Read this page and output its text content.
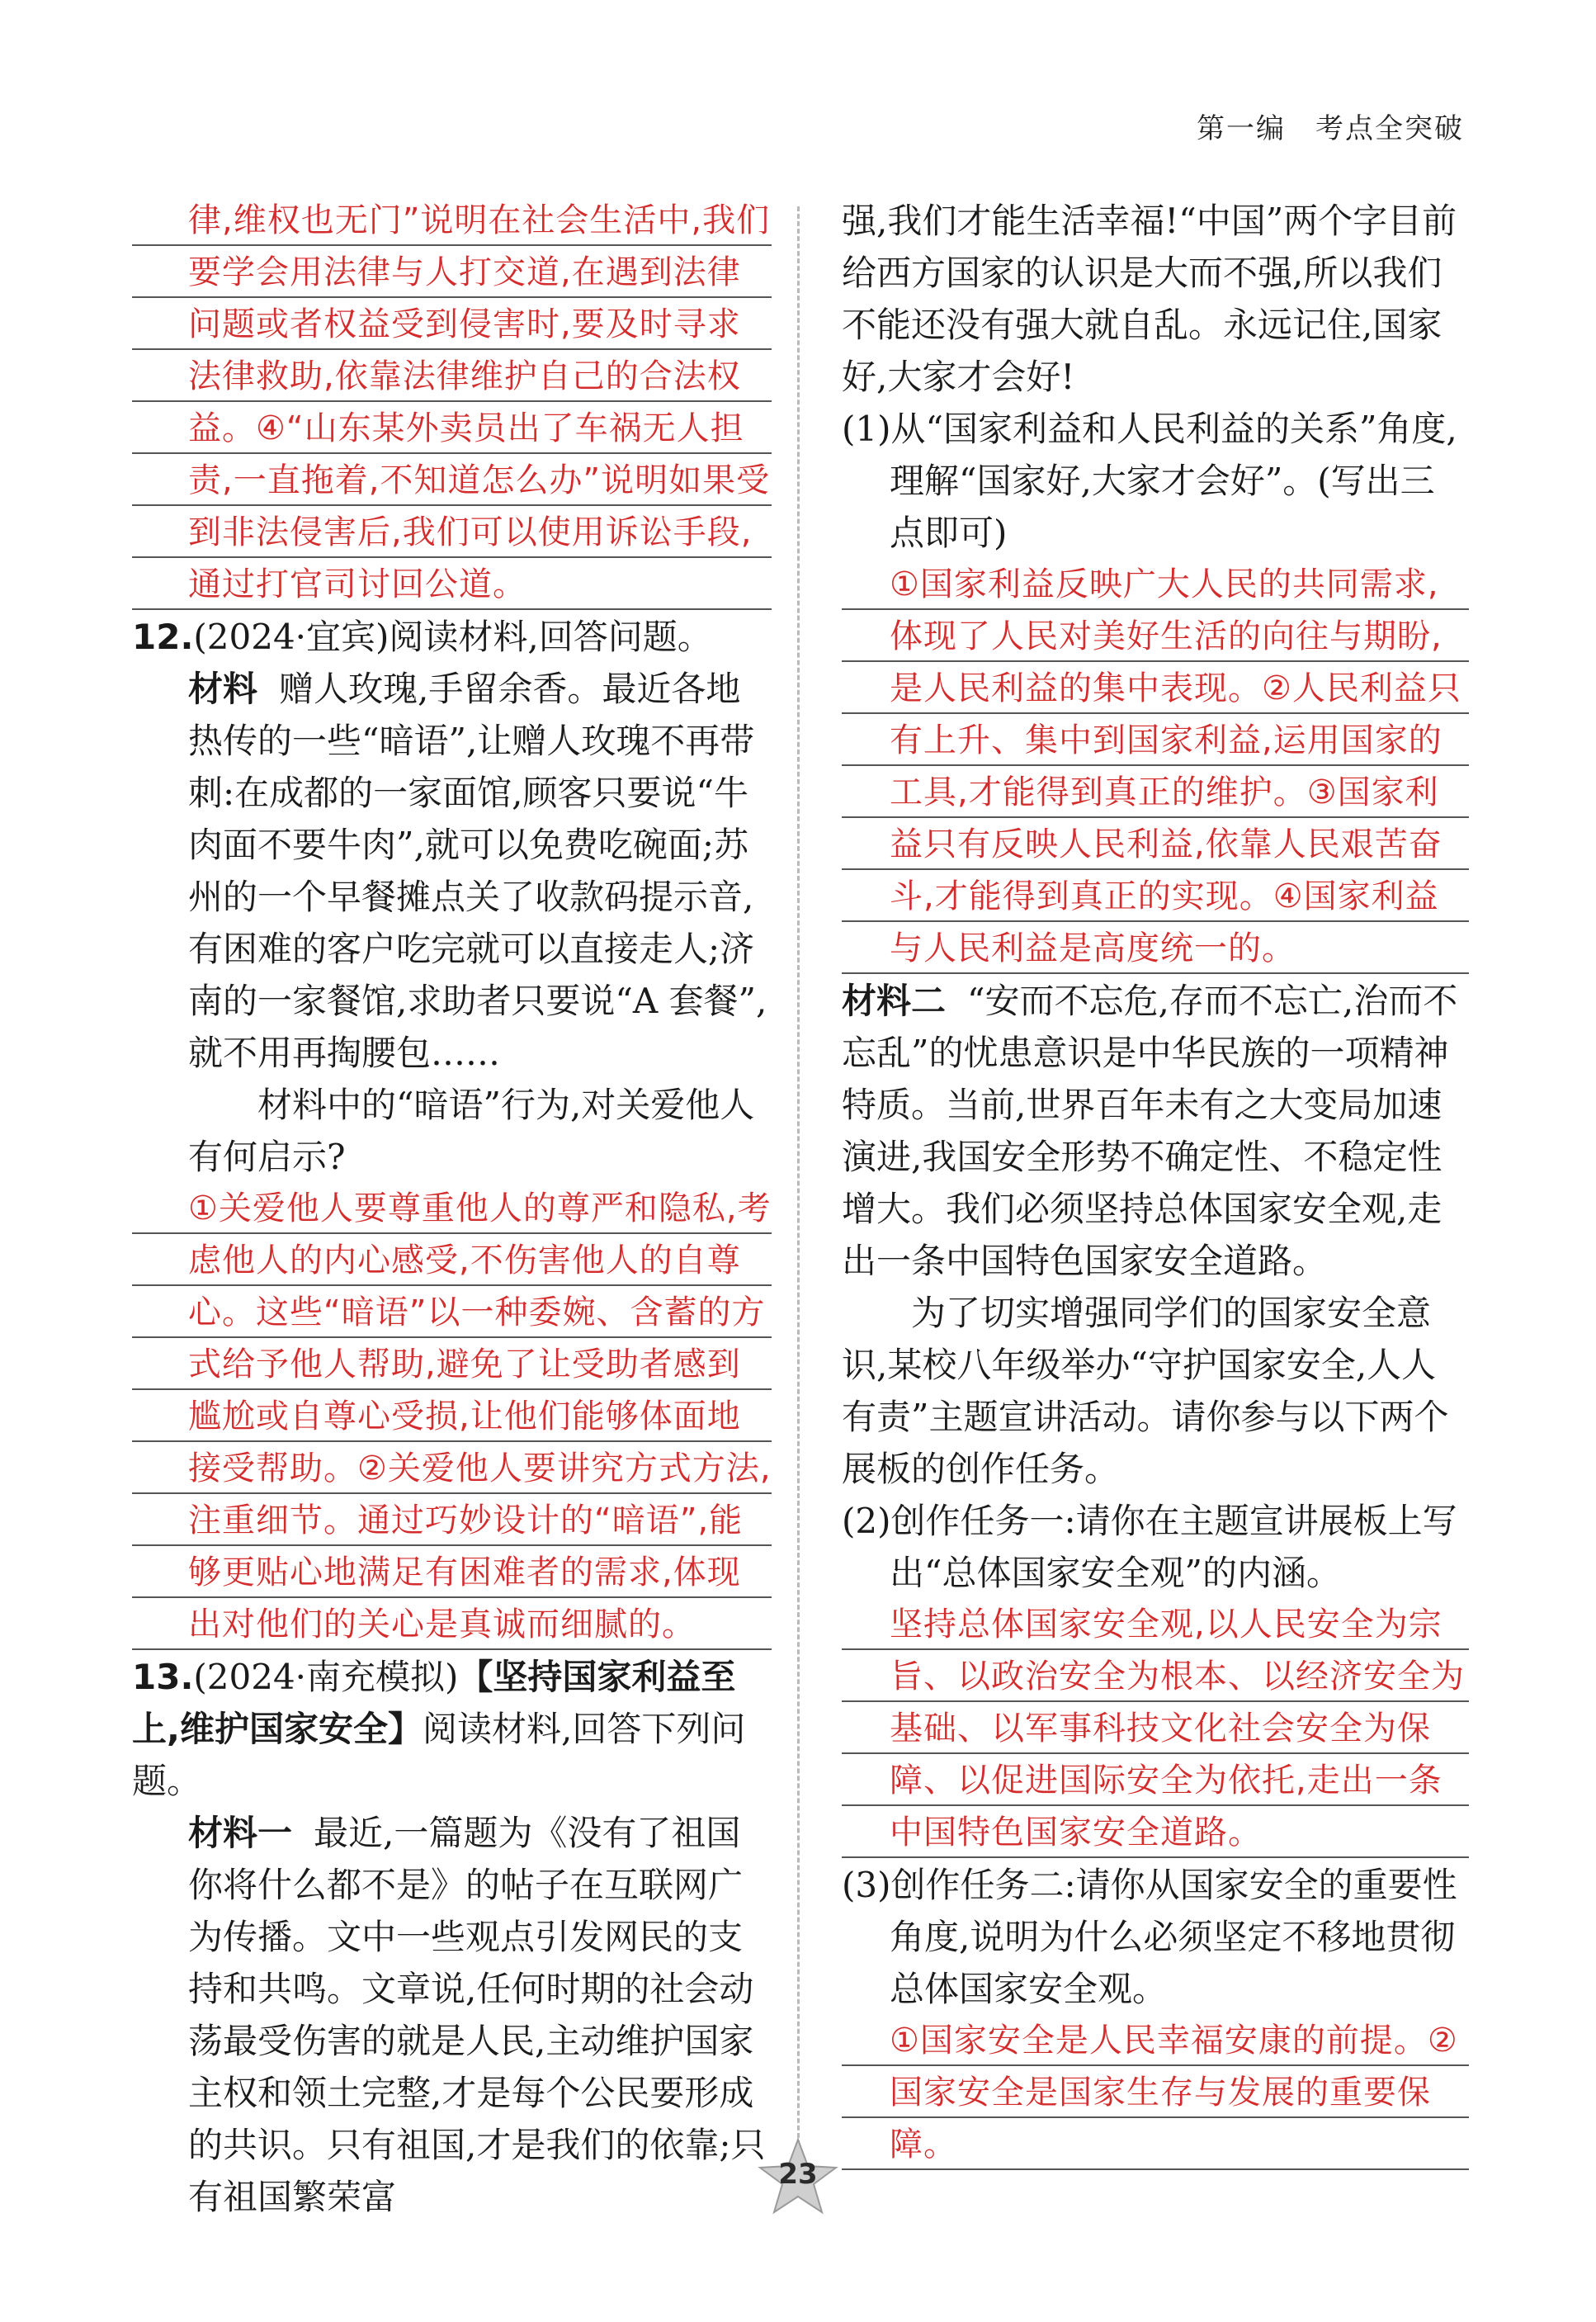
第一编 考点全突破
律,维权也无门”说明在社会生活中,我们要学会用法律与人打交道,在遇到法律问题或者权益受到侵害时,要及时寻求法律救助,依靠法律维护自己的合法权益。④“山东某外卖员出了车祸无人担责,一直拖着,不知道怎么办”说明如果受到非法侵害后,我们可以使用诉讼手段,通过打官司讨回公道。
12.(2024·宜宾)阅读材料,回答问题。
材料 赠人玫瑰,手留余香。最近各地热传的一些“暗语”,让赠人玫瑰不再带刺:在成都的一家面馆,顾客只要说“牛肉面不要牛肉”,就可以免费吃碗面;苏州的一个早餐摊点关了收款码提示音,有困难的客户吃完就可以直接走人;济南的一家餐馆,求助者只要说“A 套餐”,就不用再掏腰包……
材料中的“暗语”行为,对关爱他人有何启示?
①关爱他人要尊重他人的尊严和隐私,考虑他人的内心感受,不伤害他人的自尊心。这些“暗语”以一种委婉、含蓄的方式给予他人帮助,避免了让受助者感到尴尬或自尊心受损,让他们能够体面地接受帮助。②关爱他人要讲究方式方法,注重细节。通过巧妙设计的“暗语”,能够更贴心地满足有困难者的需求,体现出对他们的关心是真诚而细腻的。
13.(2024·南充模拟)【坚持国家利益至上,维护国家安全】阅读材料,回答下列问题。
材料一 最近,一篇题为《没有了祖国你将什么都不是》的帖子在互联网广为传播。文中一些观点引发网民的支持和共鸣。文章说,任何时期的社会动荡最受伤害的就是人民,主动维护国家主权和领土完整,才是每个公民要形成的共识。只有祖国,才是我们的依靠;只有祖国繁荣富
强,我们才能生活幸福!“中国”两个字目前给西方国家的认识是大而不强,所以我们不能还没有强大就自乱。永远记住,国家好,大家才会好!
(1)从“国家利益和人民利益的关系”角度,理解“国家好,大家才会好”。(写出三点即可)
①国家利益反映广大人民的共同需求,体现了人民对美好生活的向往与期盼,是人民利益的集中表现。②人民利益只有上升、集中到国家利益,运用国家的工具,才能得到真正的维护。③国家利益只有反映人民利益,依靠人民艰苦奋斗,才能得到真正的实现。④国家利益与人民利益是高度统一的。
材料二 “安而不忘危,存而不忘亡,治而不忘乱”的忧患意识是中华民族的一项精神特质。当前,世界百年未有之大变局加速演进,我国安全形势不确定性、不稳定性增大。我们必须坚持总体国家安全观,走出一条中国特色国家安全道路。
为了切实增强同学们的国家安全意识,某校八年级举办“守护国家安全,人人有责”主题宣讲活动。请你参与以下两个展板的创作任务。
(2)创作任务一:请你在主题宣讲展板上写出“总体国家安全观”的内涵。
坚持总体国家安全观,以人民安全为宗旨、以政治安全为根本、以经济安全为基础、以军事科技文化社会安全为保障、以促进国际安全为依托,走出一条中国特色国家安全道路。
(3)创作任务二:请你从国家安全的重要性角度,说明为什么必须坚定不移地贯彻总体国家安全观。
①国家安全是人民幸福安康的前提。②国家安全是国家生存与发展的重要保障。
23
